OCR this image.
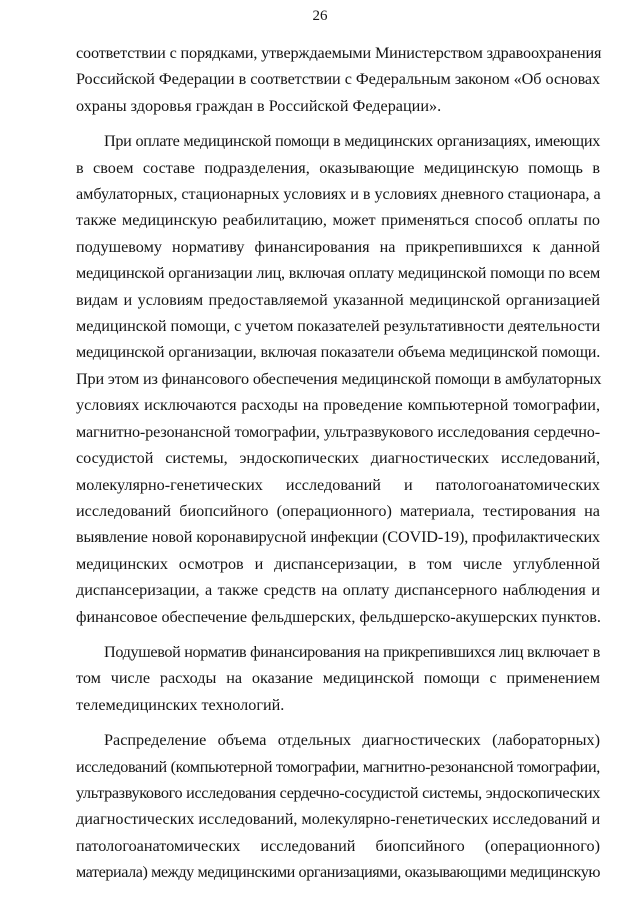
26
соответствии с порядками, утверждаемыми Министерством здравоохранения
Российской Федерации в соответствии с Федеральным законом «Об основах
охраны здоровья граждан в Российской Федерации».
При оплате медицинской помощи в медицинских организациях, имеющих
в своем составе подразделения, оказывающие медицинскую помощь в
амбулаторных, стационарных условиях и в условиях дневного стационара, а
также медицинскую реабилитацию, может применяться способ оплаты по
подушевому нормативу финансирования на прикрепившихся к данной
медицинской организации лиц, включая оплату медицинской помощи по всем
видам и условиям предоставляемой указанной медицинской организацией
медицинской помощи, с учетом показателей результативности деятельности
медицинской организации, включая показатели объема медицинской помощи.
При этом из финансового обеспечения медицинской помощи в амбулаторных
условиях исключаются расходы на проведение компьютерной томографии,
магнитно-резонансной томографии, ультразвукового исследования сердечно-
сосудистой системы, эндоскопических диагностических исследований,
молекулярно-генетических исследований и патологоанатомических
исследований биопсийного (операционного) материала, тестирования на
выявление новой коронавирусной инфекции (COVID-19), профилактических
медицинских осмотров и диспансеризации, в том числе углубленной
диспансеризации, а также средств на оплату диспансерного наблюдения и
финансовое обеспечение фельдшерских, фельдшерско-акушерских пунктов.
Подушевой норматив финансирования на прикрепившихся лиц включает в
том числе расходы на оказание медицинской помощи с применением
телемедицинских технологий.
Распределение объема отдельных диагностических (лабораторных)
исследований (компьютерной томографии, магнитно-резонансной томографии,
ультразвукового исследования сердечно-сосудистой системы, эндоскопических
диагностических исследований, молекулярно-генетических исследований и
патологоанатомических исследований биопсийного (операционного)
материала) между медицинскими организациями, оказывающими медицинскую
